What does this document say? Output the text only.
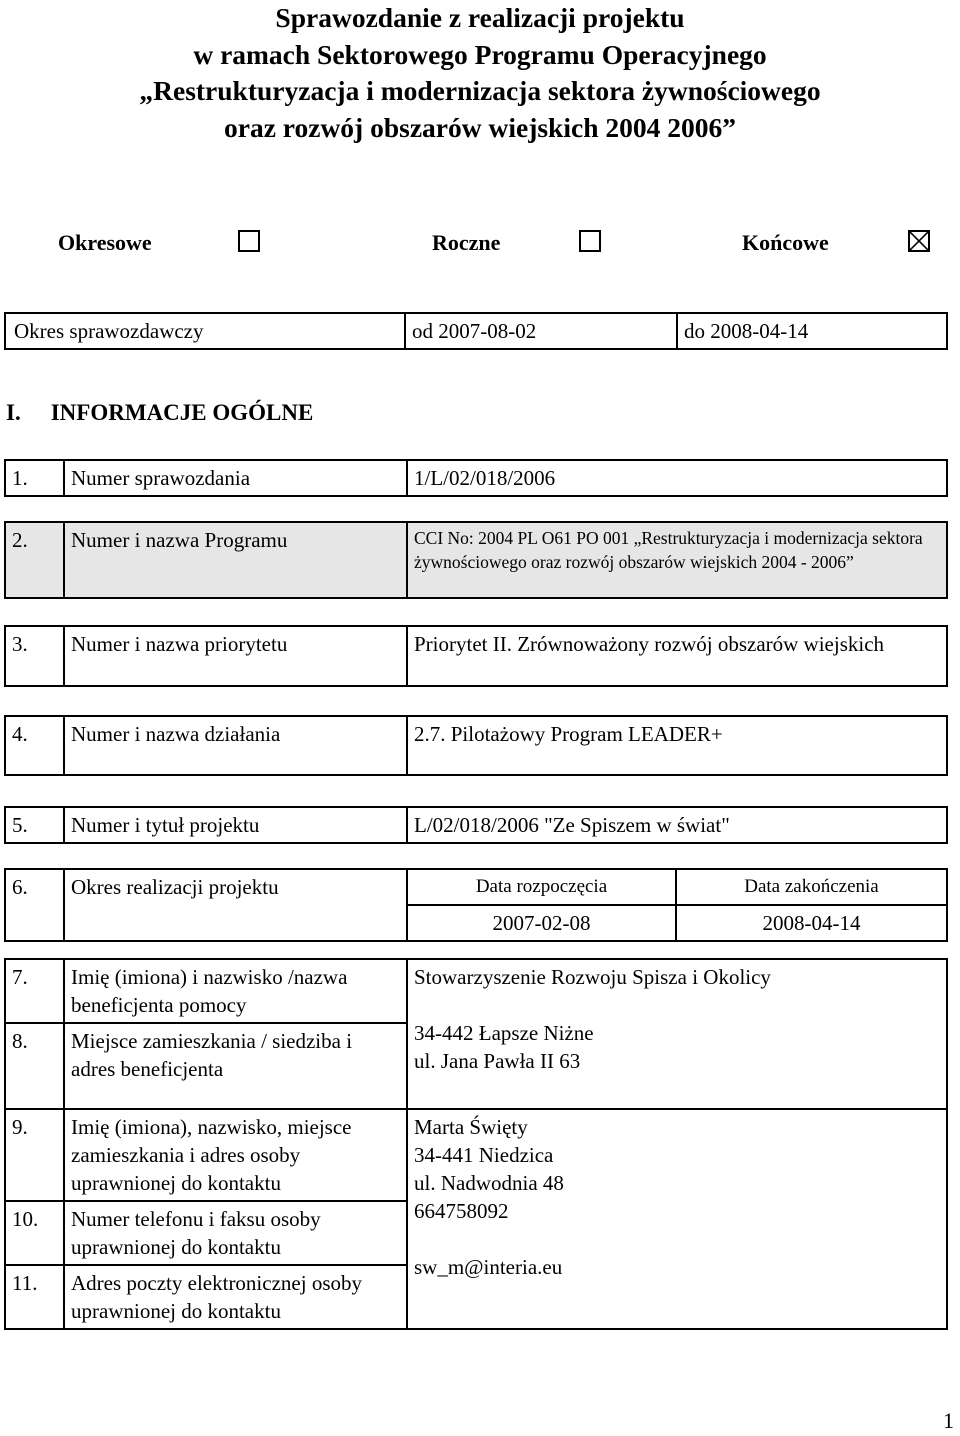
Sprawozdanie z realizacji projektu
w ramach Sektorowego Programu Operacyjnego
„Restrukturyzacja i modernizacja sektora żywnościowego
oraz rozwój obszarów wiejskich 2004 2006”
Okresowe	Roczne	Końcowe
Okres sprawozdawczy	od 2007-08-02	do 2008-04-14
I. INFORMACJE OGÓLNE
1.	Numer sprawozdania	1/L/02/018/2006
2.	Numer i nazwa Programu	CCI No: 2004 PL O61 PO 001 „Restrukturyzacja i modernizacja sektora żywnościowego oraz rozwój obszarów wiejskich 2004 - 2006”
3.	Numer i nazwa priorytetu	Priorytet II. Zrównoważony rozwój obszarów wiejskich
4.	Numer i nazwa działania	2.7. Pilotażowy Program LEADER+
5.	Numer i tytuł projektu	L/02/018/2006 "Ze Spiszem w świat"
6.	Okres realizacji projektu	Data rozpoczęcia	Data zakończenia
		2007-02-08	2008-04-14
7.	Imię (imiona) i nazwisko /nazwa beneficjenta pomocy	Stowarzyszenie Rozwoju Spisza i Okolicy
34-442 Łapsze Niżne
ul. Jana Pawła II 63

8.	Miejsce zamieszkania / siedziba i adres beneficjenta	
9.	Imię (imiona), nazwisko, miejsce zamieszkania i adres osoby uprawnionej do kontaktu	Marta Święty
34-441 Niedzica
ul. Nadwodnia 48
664758092
sw_m@interia.eu

10.	Numer telefonu i faksu osoby uprawnionej do kontaktu	
11.	Adres poczty elektronicznej osoby uprawnionej do kontaktu	
1
